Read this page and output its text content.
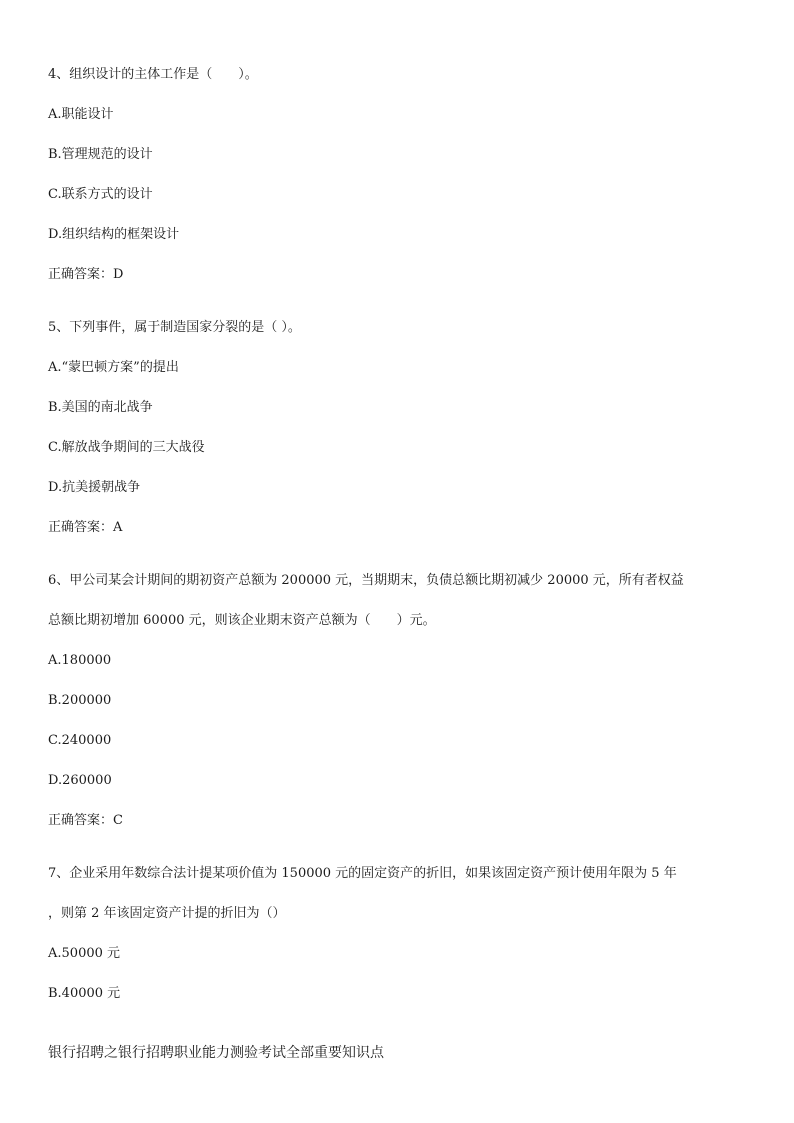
4、组织设计的主体工作是（　　）。
A.职能设计
B.管理规范的设计
C.联系方式的设计
D.组织结构的框架设计
正确答案：D
5、下列事件，属于制造国家分裂的是（ ）。
A.“蒙巴顿方案”的提出
B.美国的南北战争
C.解放战争期间的三大战役
D.抗美援朝战争
正确答案：A
6、甲公司某会计期间的期初资产总额为 200000 元，当期期末，负债总额比期初减少 20000 元，所有者权益
总额比期初增加 60000 元，则该企业期末资产总额为（　　）元。
A.180000
B.200000
C.240000
D.260000
正确答案：C
7、企业采用年数综合法计提某项价值为 150000 元的固定资产的折旧，如果该固定资产预计使用年限为 5 年
，则第 2 年该固定资产计提的折旧为（）
A.50000 元
B.40000 元
银行招聘之银行招聘职业能力测验考试全部重要知识点
